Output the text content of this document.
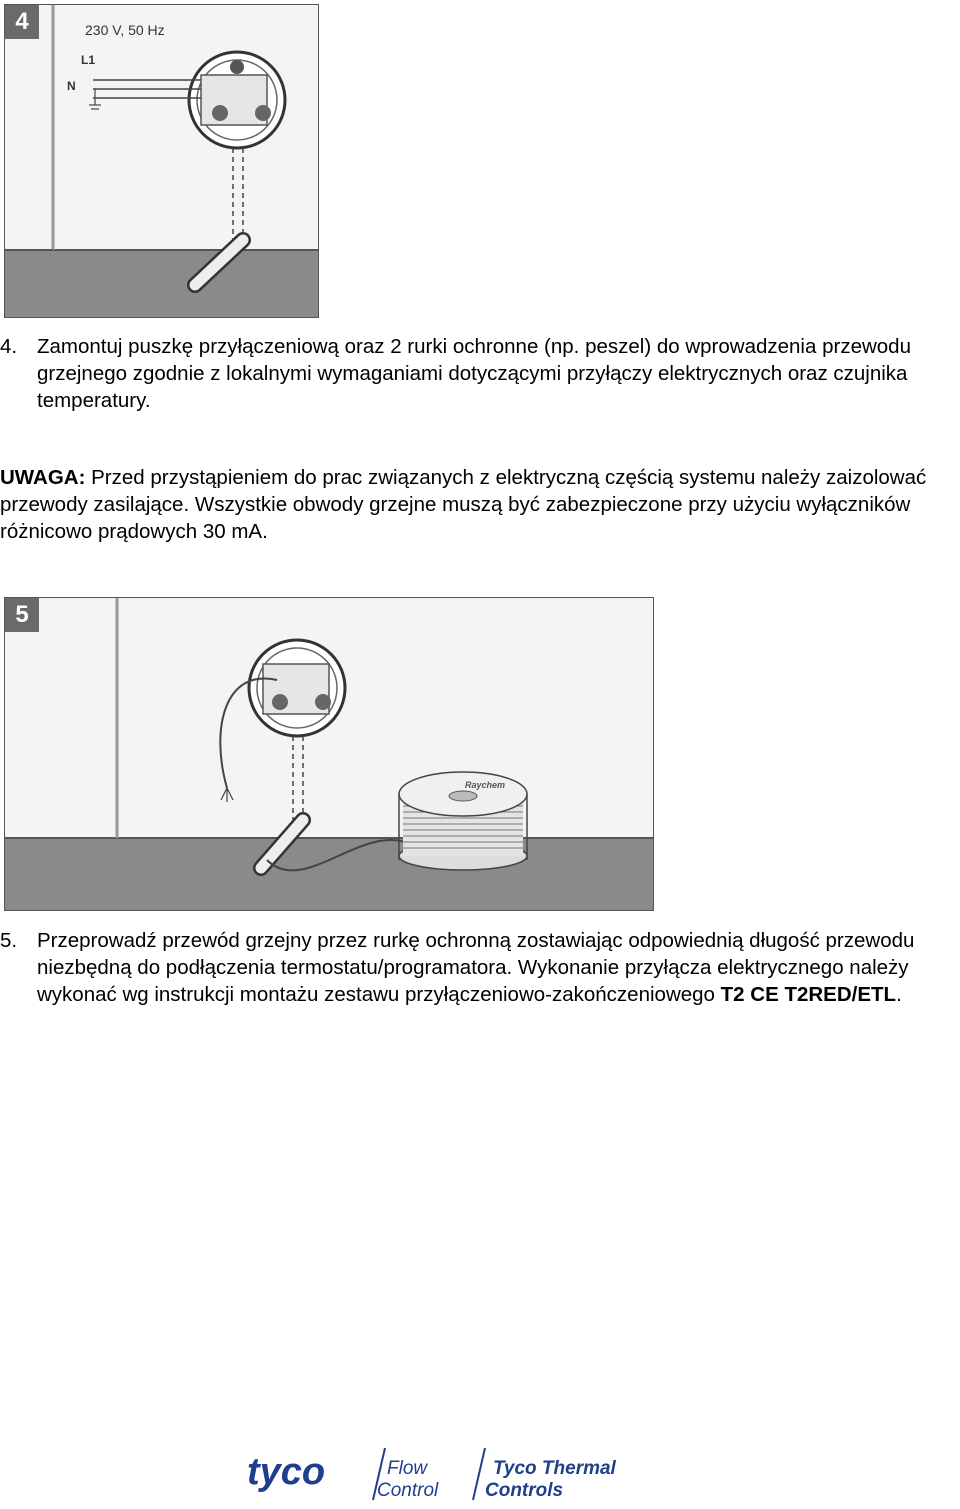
230 V, 50 Hz
L1
N
4
4. Zamontuj puszkę przyłączeniową oraz 2 rurki ochronne (np. peszel) do wprowadzenia przewodu grzejnego zgodnie z lokalnymi wymaganiami dotyczącymi przyłączy elektrycznych oraz czujnika temperatury.
UWAGA: Przed przystąpieniem do prac związanych z elektryczną częścią systemu należy zaizolować przewody zasilające. Wszystkie obwody grzejne muszą być zabezpieczone przy użyciu wyłączników różnicowo prądowych 30 mA.
Raychem
5
5. Przeprowadź przewód grzejny przez rurkę ochronną zostawiając odpowiednią długość przewodu niezbędną do podłączenia termostatu/programatora. Wykonanie przyłącza elektrycznego należy wykonać wg instrukcji montażu zestawu przyłączeniowo-zakończeniowego T2 CE T2RED/ETL.
tyco	Flow
Control
Tyco Thermal
Controls
